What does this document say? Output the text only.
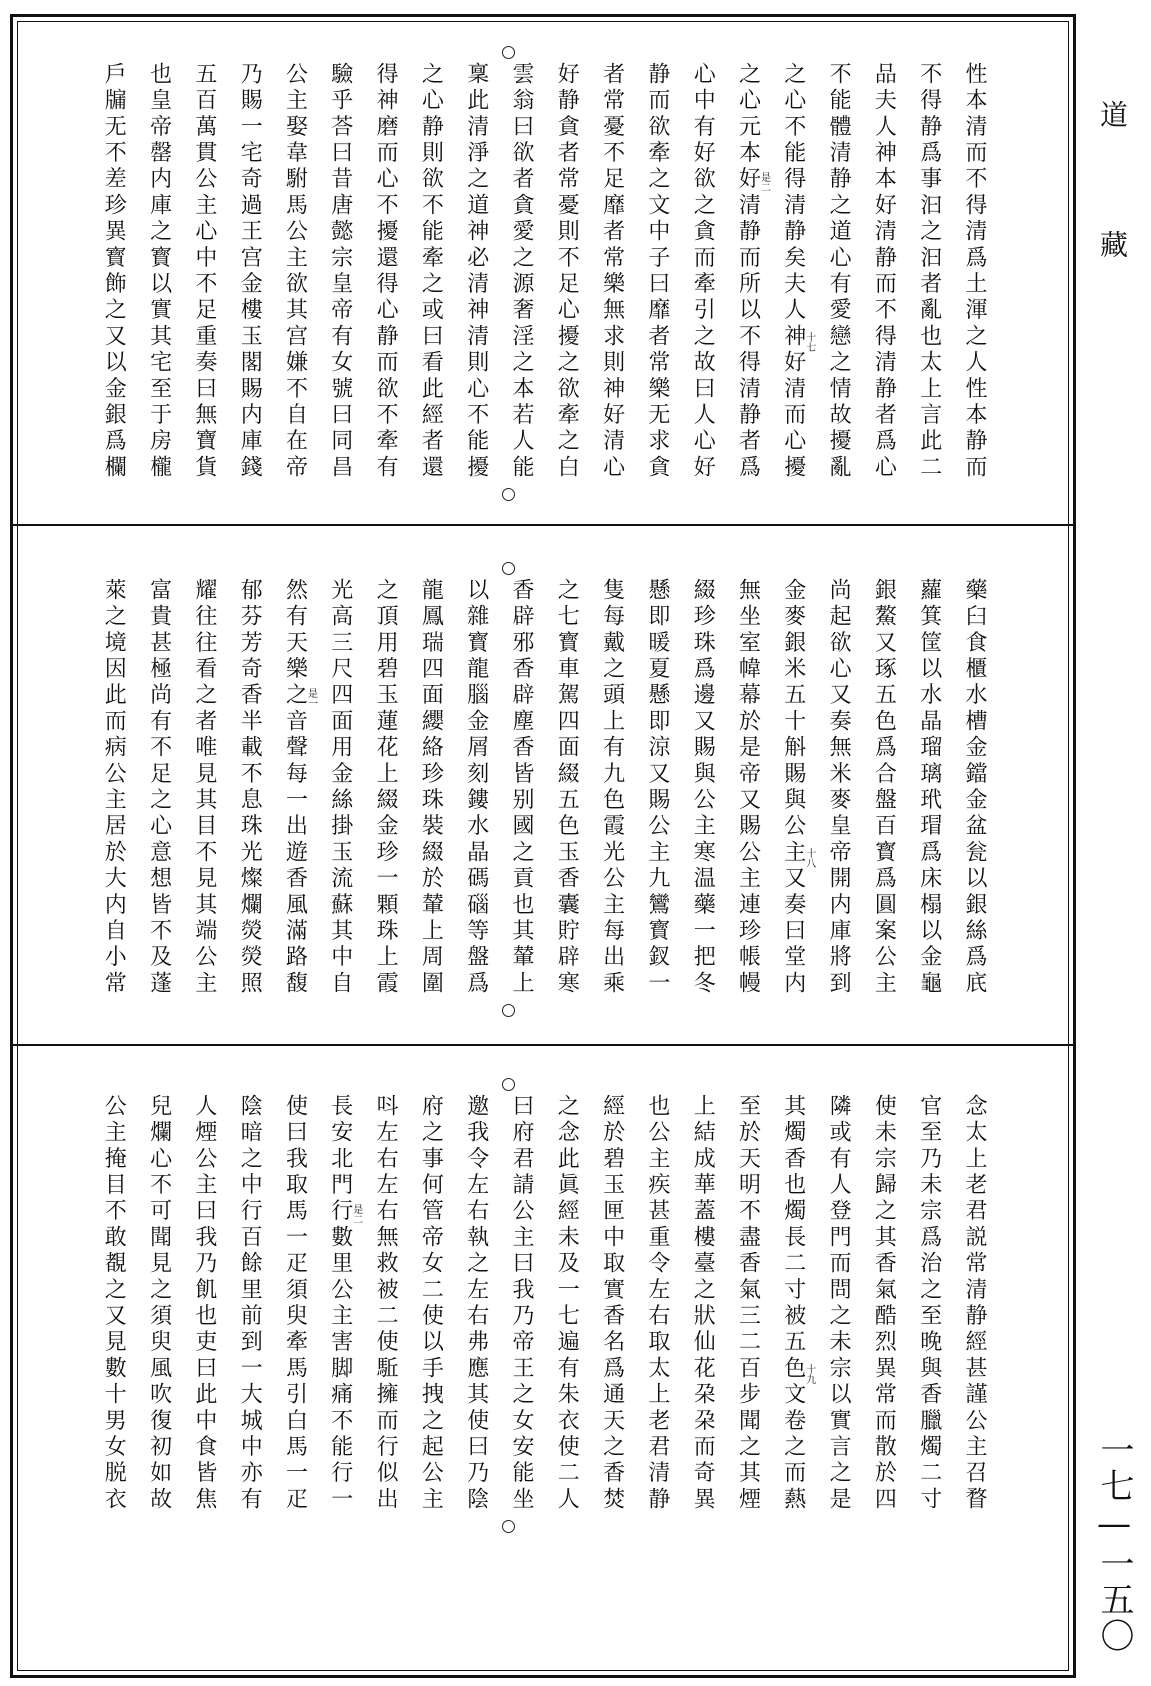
道
藏
一七—一五〇
性本清而不得清爲土渾之人性本静而
不得静爲事汩之汩者亂也太上言此二
品夫人神本好清静而不得清静者爲心
不能體清静之道心有愛戀之情故擾亂
之心不能得清静矣夫人神好清而心擾
之心元本好清静而所以不得清静者爲
心中有好欲之貪而牽引之故曰人心好
静而欲牽之文中子曰靡者常樂无求貪
者常憂不足靡者常樂無求則神好清心
好静貪者常憂則不足心擾之欲牽之白
雲翁曰欲者貪愛之源奢淫之本若人能
稟此清淨之道神必清神清則心不能擾
之心静則欲不能牽之或曰看此經者還
得神磨而心不擾還得心静而欲不牽有
驗乎荅曰昔唐懿宗皇帝有女號曰同昌
公主娶韋駙馬公主欲其宫嫌不自在帝
乃賜一宅奇過王宫金樓玉閣賜内庫錢
五百萬貫公主心中不足重奏曰無寶貨
也皇帝罄内庫之寳以實其宅至于房櫳
戶牖无不差珍異寳飾之又以金銀爲欄	十七
是二
藥臼食櫃水槽金鐺金盆瓮以銀絲爲㡳
蘿箕筐以水晶瑠璃玳瑁爲床榻以金龜
銀鰲又琢五色爲合盤百寳爲圓案公主
尚起欲心又奏無米麥皇帝開内庫將到
金麥銀米五十斛賜與公主又奏曰堂内
無坐室幃幕於是帝又賜公主連珍帳幔
綴珍珠爲邊又賜與公主寒温藥一把冬
懸即暖夏懸即涼又賜公主九鸞寳釵一
隻每戴之頭上有九色霞光公主每出乘
之七寳車駕四面綴五色玉香囊貯辟寒
香辟邪香辟塵香皆别國之貢也其輦上
以雜寳龍腦金屑刻鏤水晶碼碯等盤爲
龍鳳瑞四面纓絡珍珠裝綴於輦上周圍
之頂用碧玉蓮花上綴金珍一顆珠上霞
光高三尺四面用金絲掛玉流蘇其中自
然有天樂之音聲每一出遊香風滿路馥
郁芬芳奇香半載不息珠光燦爛熒熒照
耀往往看之者唯見其目不見其端公主
富貴甚極尚有不足之心意想皆不及蓬
萊之境因此而病公主居於大内自小常	十八
是一
念太上老君説常清静經甚謹公主召瞀
官至乃未宗爲治之至晚與香臘燭二寸
使未宗歸之其香氣酷烈異常而散於四
隣或有人登門而問之未宗以實言之是
其燭香也燭長二寸被五色文卷之而爇
至於天明不盡香氣三二百步聞之其煙
上結成華蓋樓臺之狀仙花朶朶而奇異
也公主疾甚重令左右取太上老君清静
經於碧玉匣中取實香名爲通天之香焚
之念此眞經未及一七遍有朱衣使二人
曰府君請公主曰我乃帝王之女安能坐
邀我令左右執之左右弗應其使曰乃陰
府之事何管帝女二使以手拽之起公主
呌左右左右無救被二使駈擁而行似出
長安北門行數里公主害脚痛不能行一
使曰我取馬一疋須臾牽馬引白馬一疋
陰暗之中行百餘里前到一大城中亦有
人煙公主曰我乃飢也吏曰此中食皆焦
兒爛心不可聞見之須臾風吹復初如故
公主掩目不敢覩之又見數十男女脱衣	十九
是二
